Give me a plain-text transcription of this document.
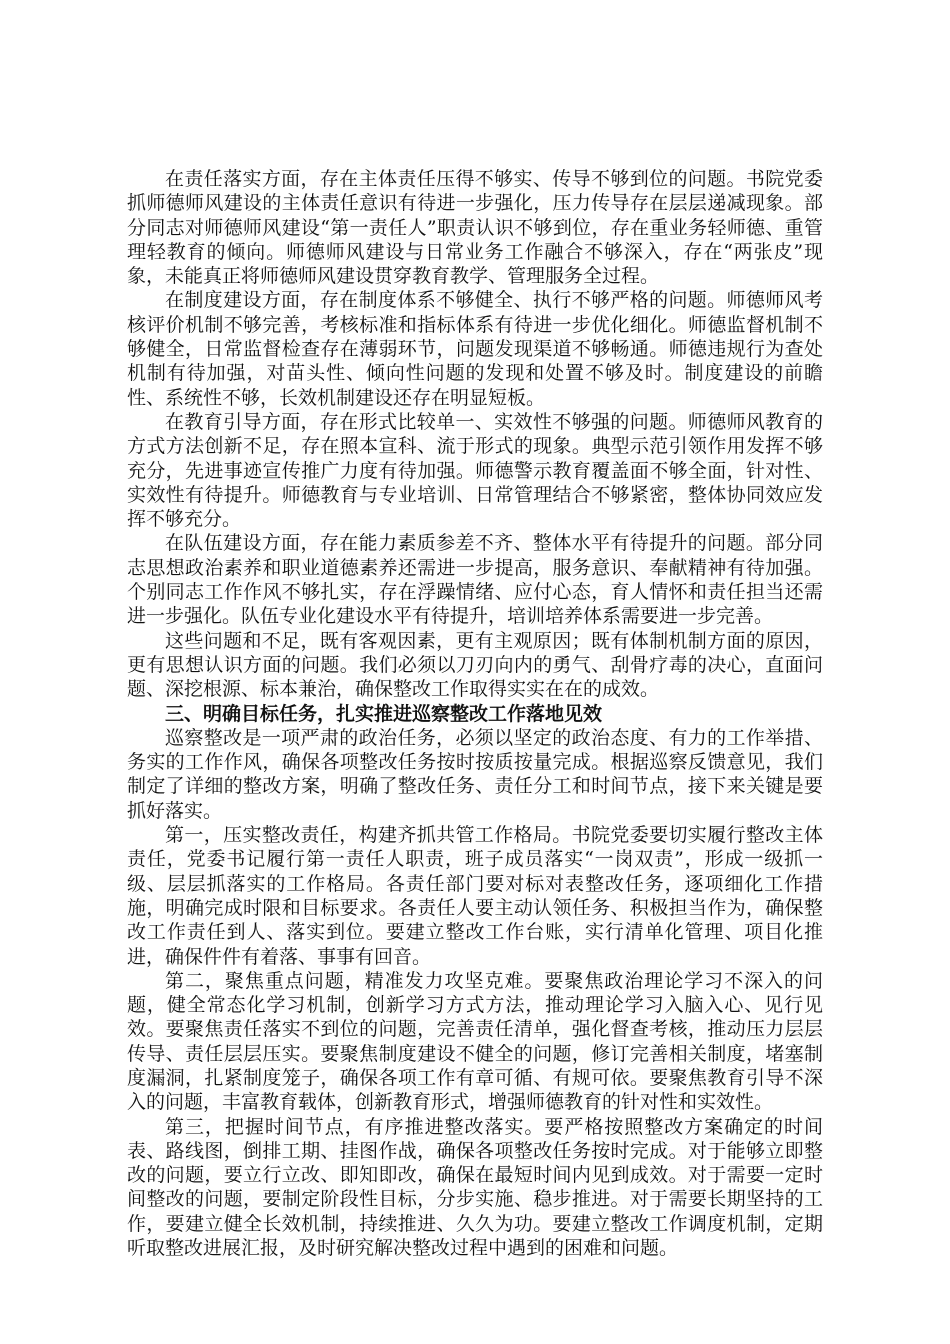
在责任落实方面，存在主体责任压得不够实、传导不够到位的问题。书院党委抓师德师风建设的主体责任意识有待进一步强化，压力传导存在层层递减现象。部分同志对师德师风建设“第一责任人”职责认识不够到位，存在重业务轻师德、重管理轻教育的倾向。师德师风建设与日常业务工作融合不够深入，存在“两张皮”现象，未能真正将师德师风建设贯穿教育教学、管理服务全过程。

在制度建设方面，存在制度体系不够健全、执行不够严格的问题。师德师风考核评价机制不够完善，考核标准和指标体系有待进一步优化细化。师德监督机制不够健全，日常监督检查存在薄弱环节，问题发现渠道不够畅通。师德违规行为查处机制有待加强，对苗头性、倾向性问题的发现和处置不够及时。制度建设的前瞻性、系统性不够，长效机制建设还存在明显短板。

在教育引导方面，存在形式比较单一、实效性不够强的问题。师德师风教育的方式方法创新不足，存在照本宣科、流于形式的现象。典型示范引领作用发挥不够充分，先进事迹宣传推广力度有待加强。师德警示教育覆盖面不够全面，针对性、实效性有待提升。师德教育与专业培训、日常管理结合不够紧密，整体协同效应发挥不够充分。

在队伍建设方面，存在能力素质参差不齐、整体水平有待提升的问题。部分同志思想政治素养和职业道德素养还需进一步提高，服务意识、奉献精神有待加强。个别同志工作作风不够扎实，存在浮躁情绪、应付心态，育人情怀和责任担当还需进一步强化。队伍专业化建设水平有待提升，培训培养体系需要进一步完善。

这些问题和不足，既有客观因素，更有主观原因；既有体制机制方面的原因，更有思想认识方面的问题。我们必须以刀刃向内的勇气、刮骨疗毒的决心，直面问题、深挖根源、标本兼治，确保整改工作取得实实在在的成效。

三、明确目标任务，扎实推进巡察整改工作落地见效

巡察整改是一项严肃的政治任务，必须以坚定的政治态度、有力的工作举措、务实的工作作风，确保各项整改任务按时按质按量完成。根据巡察反馈意见，我们制定了详细的整改方案，明确了整改任务、责任分工和时间节点，接下来关键是要抓好落实。

第一，压实整改责任，构建齐抓共管工作格局。书院党委要切实履行整改主体责任，党委书记履行第一责任人职责，班子成员落实“一岗双责”，形成一级抓一级、层层抓落实的工作格局。各责任部门要对标对表整改任务，逐项细化工作措施，明确完成时限和目标要求。各责任人要主动认领任务、积极担当作为，确保整改工作责任到人、落实到位。要建立整改工作台账，实行清单化管理、项目化推进，确保件件有着落、事事有回音。

第二，聚焦重点问题，精准发力攻坚克难。要聚焦政治理论学习不深入的问题，健全常态化学习机制，创新学习方式方法，推动理论学习入脑入心、见行见效。要聚焦责任落实不到位的问题，完善责任清单，强化督查考核，推动压力层层传导、责任层层压实。要聚焦制度建设不健全的问题，修订完善相关制度，堵塞制度漏洞，扎紧制度笼子，确保各项工作有章可循、有规可依。要聚焦教育引导不深入的问题，丰富教育载体，创新教育形式，增强师德教育的针对性和实效性。

第三，把握时间节点，有序推进整改落实。要严格按照整改方案确定的时间表、路线图，倒排工期、挂图作战，确保各项整改任务按时完成。对于能够立即整改的问题，要立行立改、即知即改，确保在最短时间内见到成效。对于需要一定时间整改的问题，要制定阶段性目标，分步实施、稳步推进。对于需要长期坚持的工作，要建立健全长效机制，持续推进、久久为功。要建立整改工作调度机制，定期听取整改进展汇报，及时研究解决整改过程中遇到的困难和问题。
